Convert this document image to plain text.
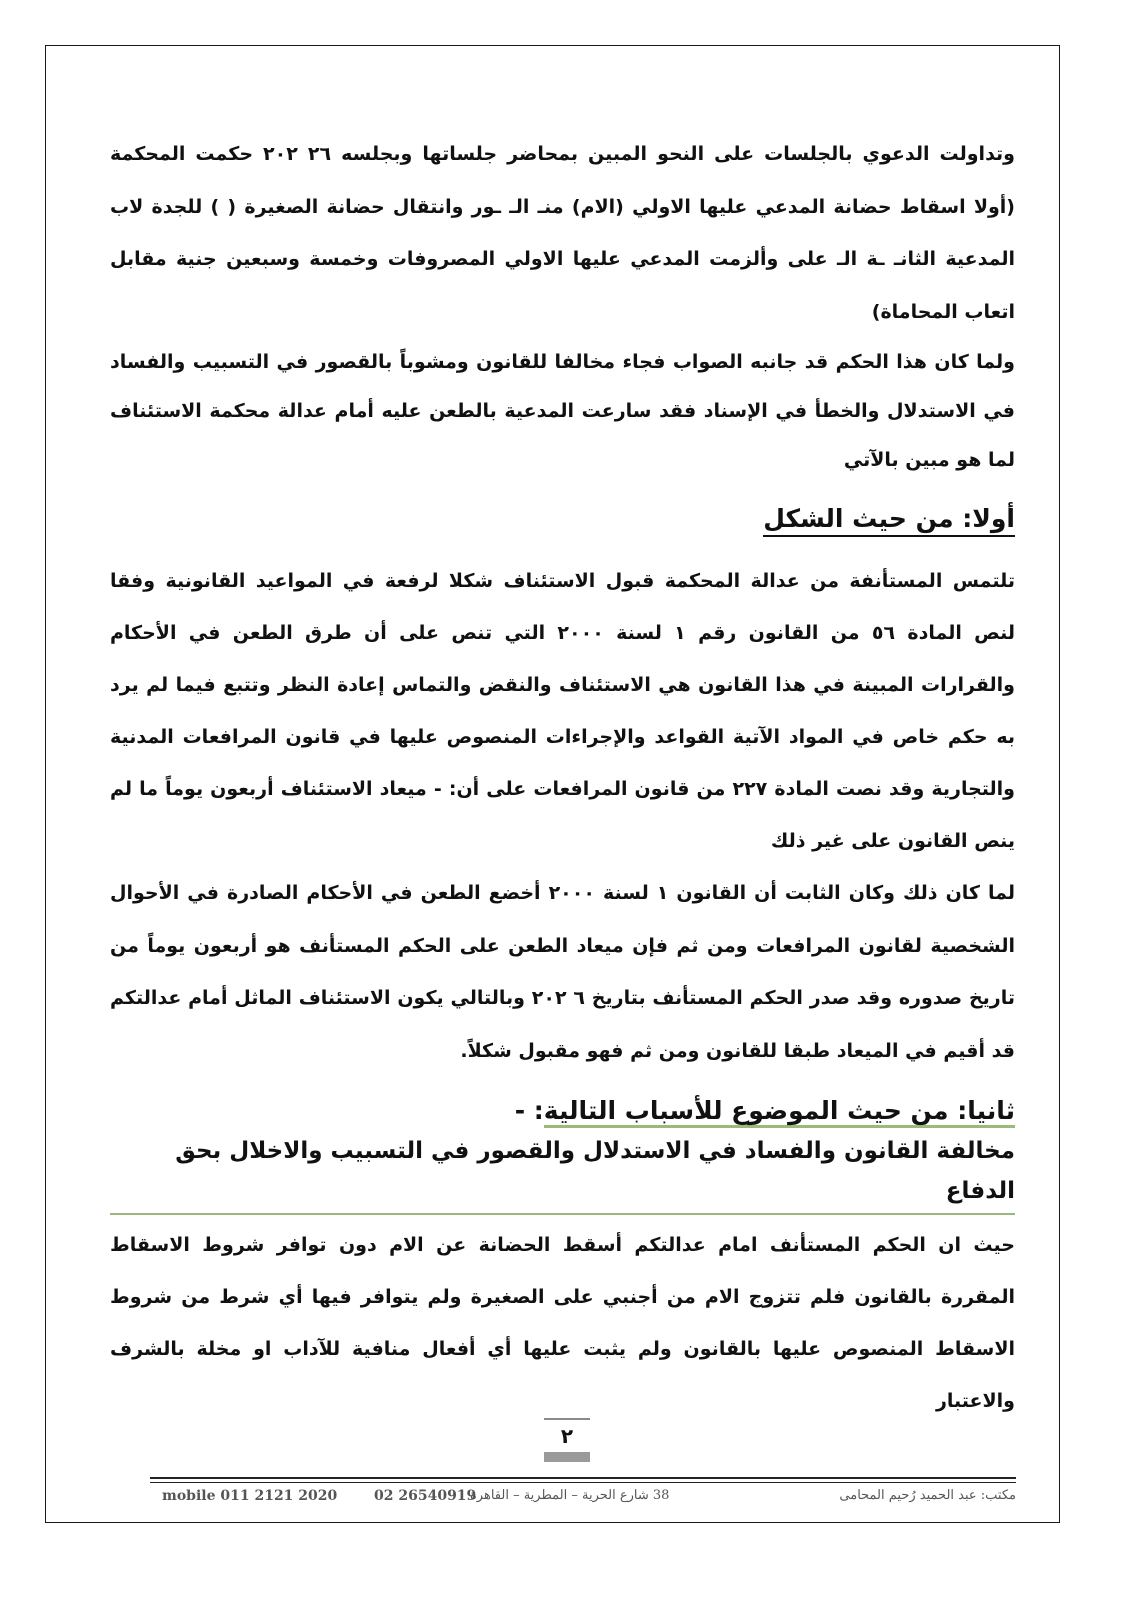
وتداولت الدعوي بالجلسات على النحو المبين بمحاضر جلساتها وبجلسه ٢٦ ٢٠٢ حكمت المحكمة (أولا اسقاط حضانة المدعي عليها الاولي (الام) منـ الـ ـور وانتقال حضانة الصغيرة ( ) للجدة لاب المدعية الثانـ ـة الـ على وألزمت المدعي عليها الاولي المصروفات وخمسة وسبعين جنية مقابل اتعاب المحاماة)

ولما كان هذا الحكم قد جانبه الصواب فجاء مخالفا للقانون ومشوباً بالقصور في التسبيب والفساد في الاستدلال والخطأ في الإسناد فقد سارعت المدعية بالطعن عليه أمام عدالة محكمة الاستئناف لما هو مبين بالآتي

أولا: من حيث الشكل

تلتمس المستأنفة من عدالة المحكمة قبول الاستئناف شكلا لرفعة في المواعيد القانونية وفقا لنص المادة ٥٦ من القانون رقم ١ لسنة ٢٠٠٠ التي تنص على أن طرق الطعن في الأحكام والقرارات المبينة في هذا القانون هي الاستئناف والنقض والتماس إعادة النظر وتتبع فيما لم يرد به حكم خاص في المواد الآتية القواعد والإجراءات المنصوص عليها في قانون المرافعات المدنية والتجارية وقد نصت المادة ٢٢٧ من قانون المرافعات على أن: - ميعاد الاستئناف أربعون يوماً ما لم ينص القانون على غير ذلك

لما كان ذلك وكان الثابت أن القانون ١ لسنة ٢٠٠٠ أخضع الطعن في الأحكام الصادرة في الأحوال الشخصية لقانون المرافعات ومن ثم فإن ميعاد الطعن على الحكم المستأنف هو أربعون يوماً من تاريخ صدوره وقد صدر الحكم المستأنف بتاريخ ٦ ٢٠٢ وبالتالي يكون الاستئناف الماثل أمام عدالتكم قد أقيم في الميعاد طبقا للقانون ومن ثم فهو مقبول شكلاً.

ثانيا: من حيث الموضوع للأسباب التالية: -

مخالفة القانون والفساد في الاستدلال والقصور في التسبيب والاخلال بحق الدفاع

حيث ان الحكم المستأنف امام عدالتكم أسقط الحضانة عن الام دون توافر شروط الاسقاط المقررة بالقانون فلم تتزوج الام من أجنبي على الصغيرة ولم يتوافر فيها أي شرط من شروط الاسقاط المنصوص عليها بالقانون ولم يثبت عليها أي أفعال منافية للآداب او مخلة بالشرف والاعتبار

٢
مكتب: عبد الحميد رُحيم المحامى
38 شارع الحرية – المطرية – القاهرة
02 26540919
mobile 011 2121 2020
